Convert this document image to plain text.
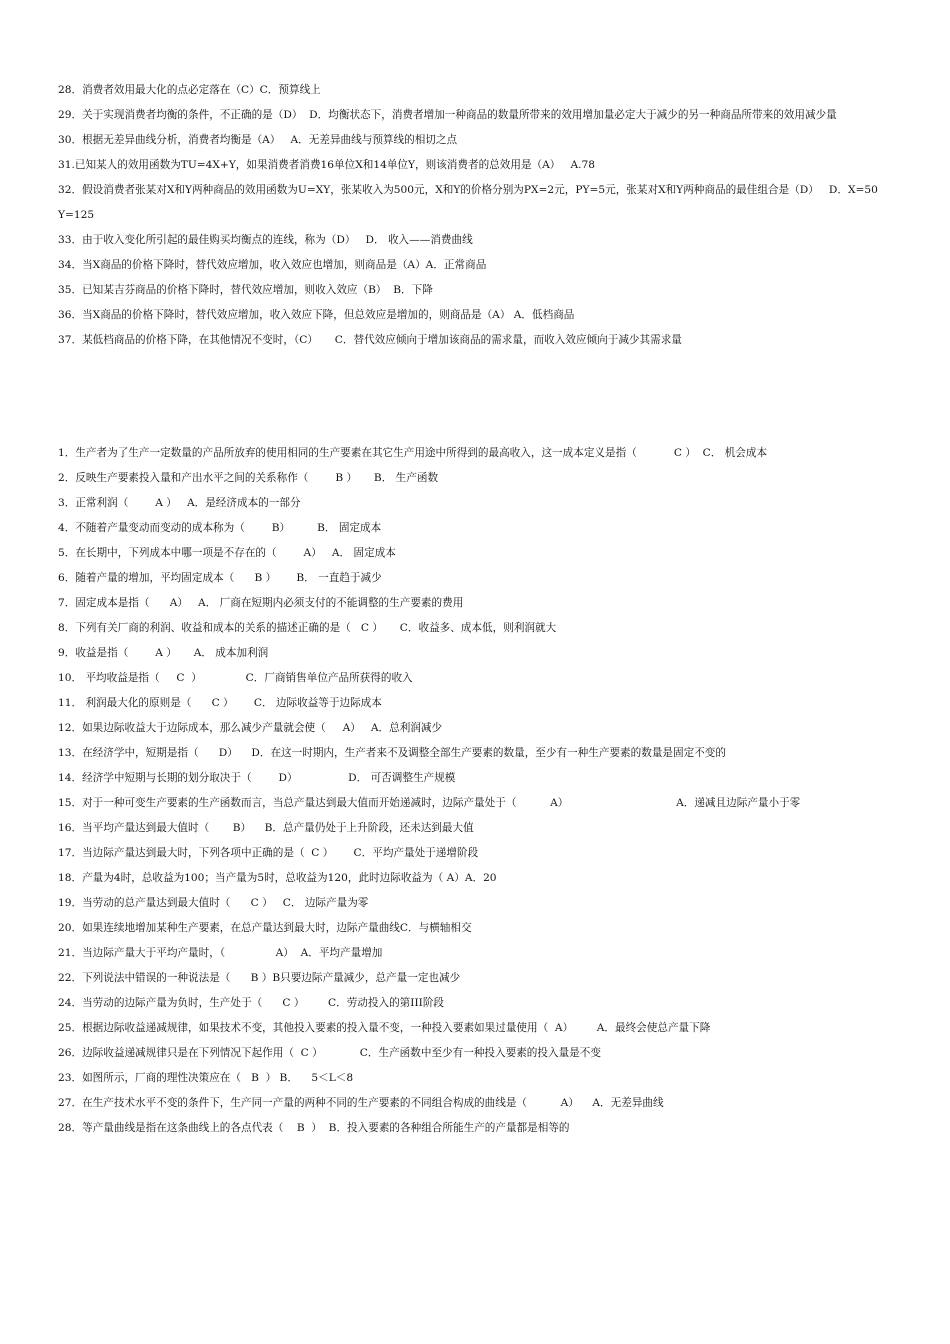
28．消费者效用最大化的点必定落在（C）C．预算线上
29．关于实现消费者均衡的条件，不正确的是（D）  D．均衡状态下，消费者增加一种商品的数量所带来的效用增加量必定大于减少的另一种商品所带来的效用减少量
30．根据无差异曲线分析，消费者均衡是（A）   A．无差异曲线与预算线的相切之点
31.已知某人的效用函数为TU=4X+Y，如果消费者消费16单位X和14单位Y，则该消费者的总效用是（A）   A.78
32．假设消费者张某对X和Y两种商品的效用函数为U=XY，张某收入为500元，X和Y的价格分别为PX=2元，PY=5元，张某对X和Y两种商品的最佳组合是（D）   D．X=50Y=125
33．由于收入变化所引起的最佳购买均衡点的连线，称为（D）   D． 收入——消费曲线
34．当X商品的价格下降时，替代效应增加，收入效应也增加，则商品是（A）A．正常商品
35．已知某吉芬商品的价格下降时，替代效应增加，则收入效应（B）  B．下降
36．当X商品的价格下降时，替代效应增加，收入效应下降，但总效应是增加的，则商品是（A） A．低档商品
37．某低档商品的价格下降，在其他情况不变时，（C）     C．替代效应倾向于增加该商品的需求量，而收入效应倾向于减少其需求量
1．生产者为了生产一定数量的产品所放弃的使用相同的生产要素在其它生产用途中所得到的最高收入，这一成本定义是指（           C ）  C． 机会成本
2．反映生产要素投入量和产出水平之间的关系称作（        B ）     B． 生产函数
3．正常利润（        A ）   A．是经济成本的一部分
4．不随着产量变动而变动的成本称为（        B）        B． 固定成本
5．在长期中，下列成本中哪一项是不存在的（        A）   A． 固定成本
6．随着产量的增加，平均固定成本（      B ）      B． 一直趋于减少
7．固定成本是指（      A）   A． 厂商在短期内必须支付的不能调整的生产要素的费用
8．下列有关厂商的利润、收益和成本的关系的描述正确的是（   C ）     C．收益多、成本低，则利润就大
9．收益是指（        A ）     A． 成本加利润
10． 平均收益是指（     C  ）             C．厂商销售单位产品所获得的收入
11． 利润最大化的原则是（      C ）      C． 边际收益等于边际成本
12．如果边际收益大于边际成本，那么减少产量就会使（     A）   A．总利润减少
13．在经济学中，短期是指（      D）    D．在这一时期内，生产者来不及调整全部生产要素的数量，至少有一种生产要素的数量是固定不变的
14．经济学中短期与长期的划分取决于（        D）               D． 可否调整生产规模
15．对于一种可变生产要素的生产函数而言，当总产量达到最大值而开始递减时，边际产量处于（          A）                                A．递减且边际产量小于零
16．当平均产量达到最大值时（       B）    B．总产量仍处于上升阶段，还未达到最大值
17．当边际产量达到最大时，下列各项中正确的是（  C ）      C．平均产量处于递增阶段
18．产量为4时，总收益为100；当产量为5时，总收益为120，此时边际收益为（ A）A．20
19．当劳动的总产量达到最大值时（      C ）   C． 边际产量为零
20．如果连续地增加某种生产要素，在总产量达到最大时，边际产量曲线C．与横轴相交
21．当边际产量大于平均产量时，（               A）  A．平均产量增加
22．下列说法中错误的一种说法是（      B ）B只要边际产量减少，总产量一定也减少
24．当劳动的边际产量为负时，生产处于（      C ）       C．劳动投入的第III阶段
25．根据边际收益递减规律，如果技术不变，其他投入要素的投入量不变，一种投入要素如果过量使用（  A）       A．最终会使总产量下降
26．边际收益递减规律只是在下列情况下起作用（  C ）           C．生产函数中至少有一种投入要素的投入量是不变
23．如图所示，厂商的理性决策应在（   B  ） B．    5＜L＜8
27．在生产技术水平不变的条件下，生产同一产量的两种不同的生产要素的不同组合构成的曲线是（          A）    A．无差异曲线
28．等产量曲线是指在这条曲线上的各点代表（    B  ）  B．投入要素的各种组合所能生产的产量都是相等的
